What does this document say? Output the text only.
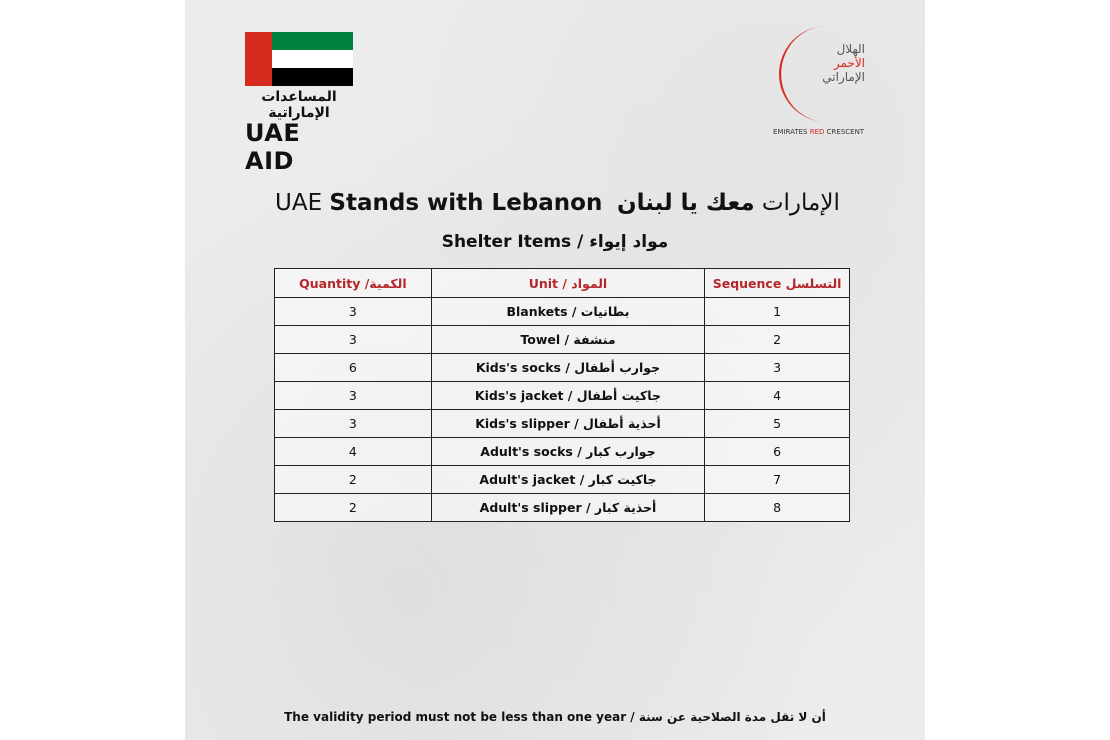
المساعدات الإماراتية
UAE AID
الهلال
الأحمر
الإماراتي
EMIRATES RED CRESCENT
UAE Stands with Lebanon معك يا لبنان الإمارات
Shelter Items / مواد إيواء
Quantity /الكمية	Unit / المواد	Sequence التسلسل
3	Blankets / بطانيات	1
3	Towel / منشفة	2
6	Kids's socks / جوارب أطفال	3
3	Kids's jacket / جاكيت أطفال	4
3	Kids's slipper / أحذية أطفال	5
4	Adult's socks / جوارب كبار	6
2	Adult's jacket / جاكيت كبار	7
2	Adult's slipper / أحذية كبار	8
The validity period must not be less than one year / أن لا تقل مدة الصلاحية عن سنة
